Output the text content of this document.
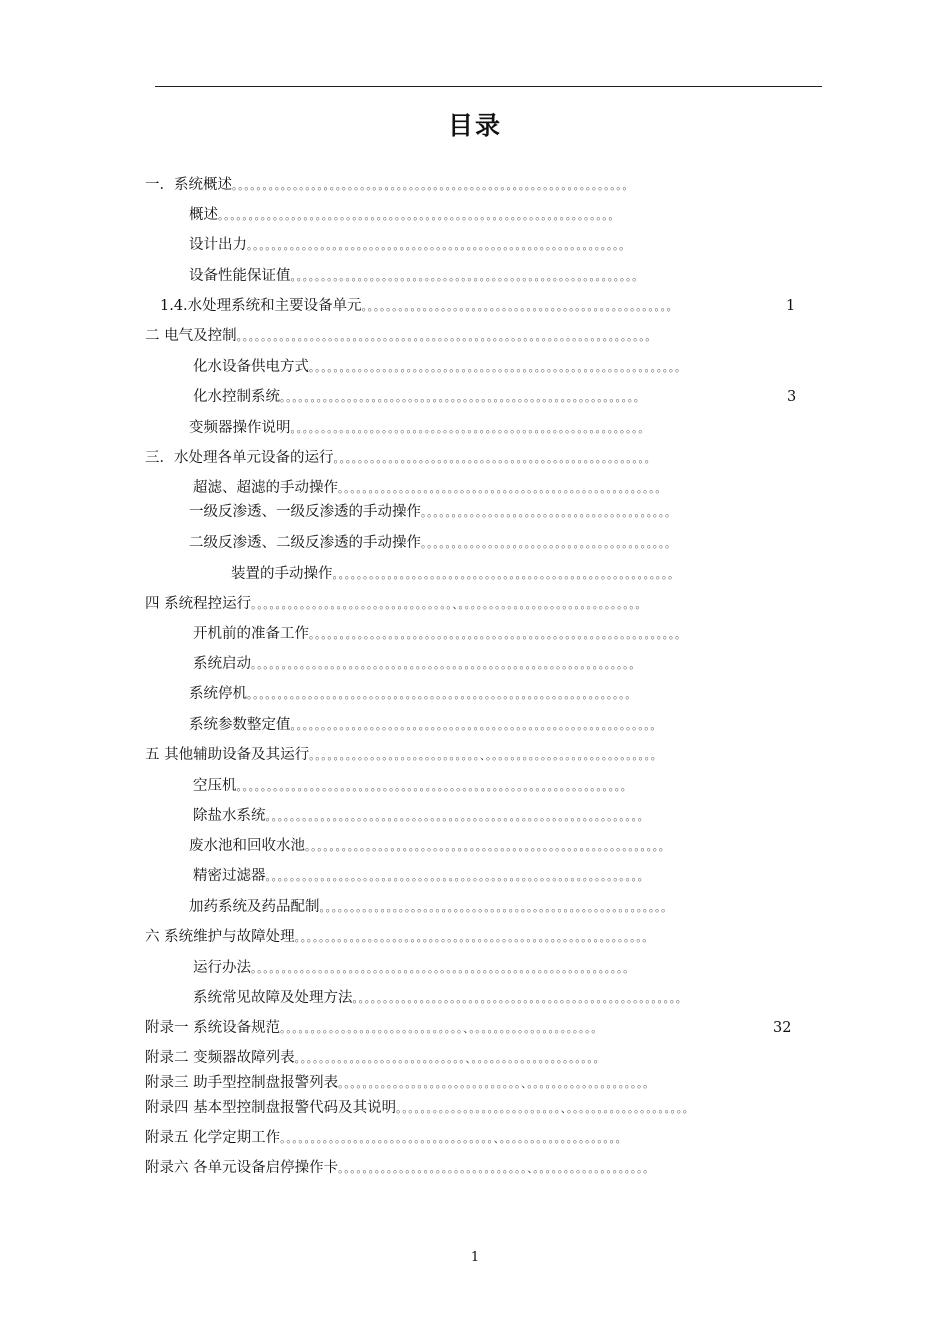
目录
一．系统概述。。。。。。。。。。。。。。。。。。。。。。。。。。。。。。。。。。。。。。。。。。。。。。。。。。。。。。。。。。。。。。。。。
概述。。。。。。。。。。。。。。。。。。。。。。。。。。。。。。。。。。。。。。。。。。。。。。。。。。。。。。。。。。。。。。。。。
设计出力。。。。。。。。。。。。。。。。。。。。。。。。。。。。。。。。。。。。。。。。。。。。。。。。。。。。。。。。。。。。。。
设备性能保证值。。。。。。。。。。。。。。。。。。。。。。。。。。。。。。。。。。。。。。。。。。。。。。。。。。。。。。。。。
1.4.水处理系统和主要设备单元。。。。。。。。。。。。。。。。。。。。。。。。。。。。。。。。。。。。。。。。。。。。。。。。。。。	1
二 电气及控制。。。。。。。。。。。。。。。。。。。。。。。。。。。。。。。。。。。。。。。。。。。。。。。。。。。。。。。。。。。。。。。。。。。。
化水设备供电方式。。。。。。。。。。。。。。。。。。。。。。。。。。。。。。。。。。。。。。。。。。。。。。。。。。。。。。。。。。。。。
化水控制系统。。。。。。。。。。。。。。。。。。。。。。。。。。。。。。。。。。。。。。。。。。。。。。。。。。。。。。。。。。。	3
变频器操作说明。。。。。。。。。。。。。。。。。。。。。。。。。。。。。。。。。。。。。。。。。。。。。。。。。。。。。。。。。。
三．水处理各单元设备的运行。。。。。。。。。。。。。。。。。。。。。。。。。。。。。。。。。。。。。。。。。。。。。。。。。。。。
超滤、超滤的手动操作。。。。。。。。。。。。。。。。。。。。。。。。。。。。。。。。。。。。。。。。。。。。。。。。。。。。。
一级反渗透、一级反渗透的手动操作。。。。。。。。。。。。。。。。。。。。。。。。。。。。。。。。。。。。。。。。。
二级反渗透、二级反渗透的手动操作。。。。。。。。。。。。。。。。。。。。。。。。。。。。。。。。。。。。。。。。。
装置的手动操作。。。。。。。。。。。。。。。。。。。。。。。。。。。。。。。。。。。。。。。。。。。。。。。。。。。。。。。。
四 系统程控运行。。。。。。。。。。。。。。。。。。。。。。。。。。。。。。。。。、。。。。。。。。。。。。。。。。。。。。。。。。。。。。。。
开机前的准备工作。。。。。。。。。。。。。。。。。。。。。。。。。。。。。。。。。。。。。。。。。。。。。。。。。。。。。。。。。。。。。
系统启动。。。。。。。。。。。。。。。。。。。。。。。。。。。。。。。。。。。。。。。。。。。。。。。。。。。。。。。。。。。。。。。
系统停机。。。。。。。。。。。。。。。。。。。。。。。。。。。。。。。。。。。。。。。。。。。。。。。。。。。。。。。。。。。。。。。
系统参数整定值。。。。。。。。。。。。。。。。。。。。。。。。。。。。。。。。。。。。。。。。。。。。。。。。。。。。。。。。。。。。
五 其他辅助设备及其运行。。。。。。。。。。。。。。。。。。。。。。。。。。。。、。。。。。。。。。。。。。。。。。。。。。。。。。。。。
空压机。。。。。。。。。。。。。。。。。。。。。。。。。。。。。。。。。。。。。。。。。。。。。。。。。。。。。。。。。。。。。。。。
除盐水系统。。。。。。。。。。。。。。。。。。。。。。。。。。。。。。。。。。。。。。。。。。。。。。。。。。。。。。。。。。。。。。
废水池和回收水池。。。。。。。。。。。。。。。。。。。。。。。。。。。。。。。。。。。。。。。。。。。。。。。。。。。。。。。。。。。
精密过滤器。。。。。。。。。。。。。。。。。。。。。。。。。。。。。。。。。。。。。。。。。。。。。。。。。。。。。。。。。。。。。。
加药系统及药品配制。。。。。。。。。。。。。。。。。。。。。。。。。。。。。。。。。。。。。。。。。。。。。。。。。。。。。。。。。
六 系统维护与故障处理。。。。。。。。。。。。。。。。。。。。。。。。。。。。。。。。。。。。。。。。。。。。。。。。。。。。。。。。。。
运行办法。。。。。。。。。。。。。。。。。。。。。。。。。。。。。。。。。。。。。。。。。。。。。。。。。。。。。。。。。。。。。。
系统常见故障及处理方法。。。。。。。。。。。。。。。。。。。。。。。。。。。。。。。。。。。。。。。。。。。。。。。。。。。。。。
附录一 系统设备规范。。。。。。。。。。。。。。。。。。。。。。。。。。。。。。、。。。。。。。。。。。。。。。。。。。。。	32
附录二 变频器故障列表。。。。。。。。。。。。。。。。。。。。。。。。。。。。、。。。。。。。。。。。。。。。。。。。。。
附录三 助手型控制盘报警列表。。。。。。。。。。。。。。。。。。。。。。。。。。。。。。、。。。。。。。。。。。。。。。。。。。。
附录四 基本型控制盘报警代码及其说明。。。。。。。。。。。。。。。。。。。。。。。。。。。、。。。。。。。。。。。。。。。。。。。。
附录五 化学定期工作。。。。。。。。。。。。。。。。。。。。。。。。。。。。。。。。。。。、。。。。。。。。。。。。。。。。。。。。
附录六 各单元设备启停操作卡。。。。。。。。。。。。。。。。。。。。。。。。。。。。。。。、。。。。。。。。。。。。。。。。。。。
1
